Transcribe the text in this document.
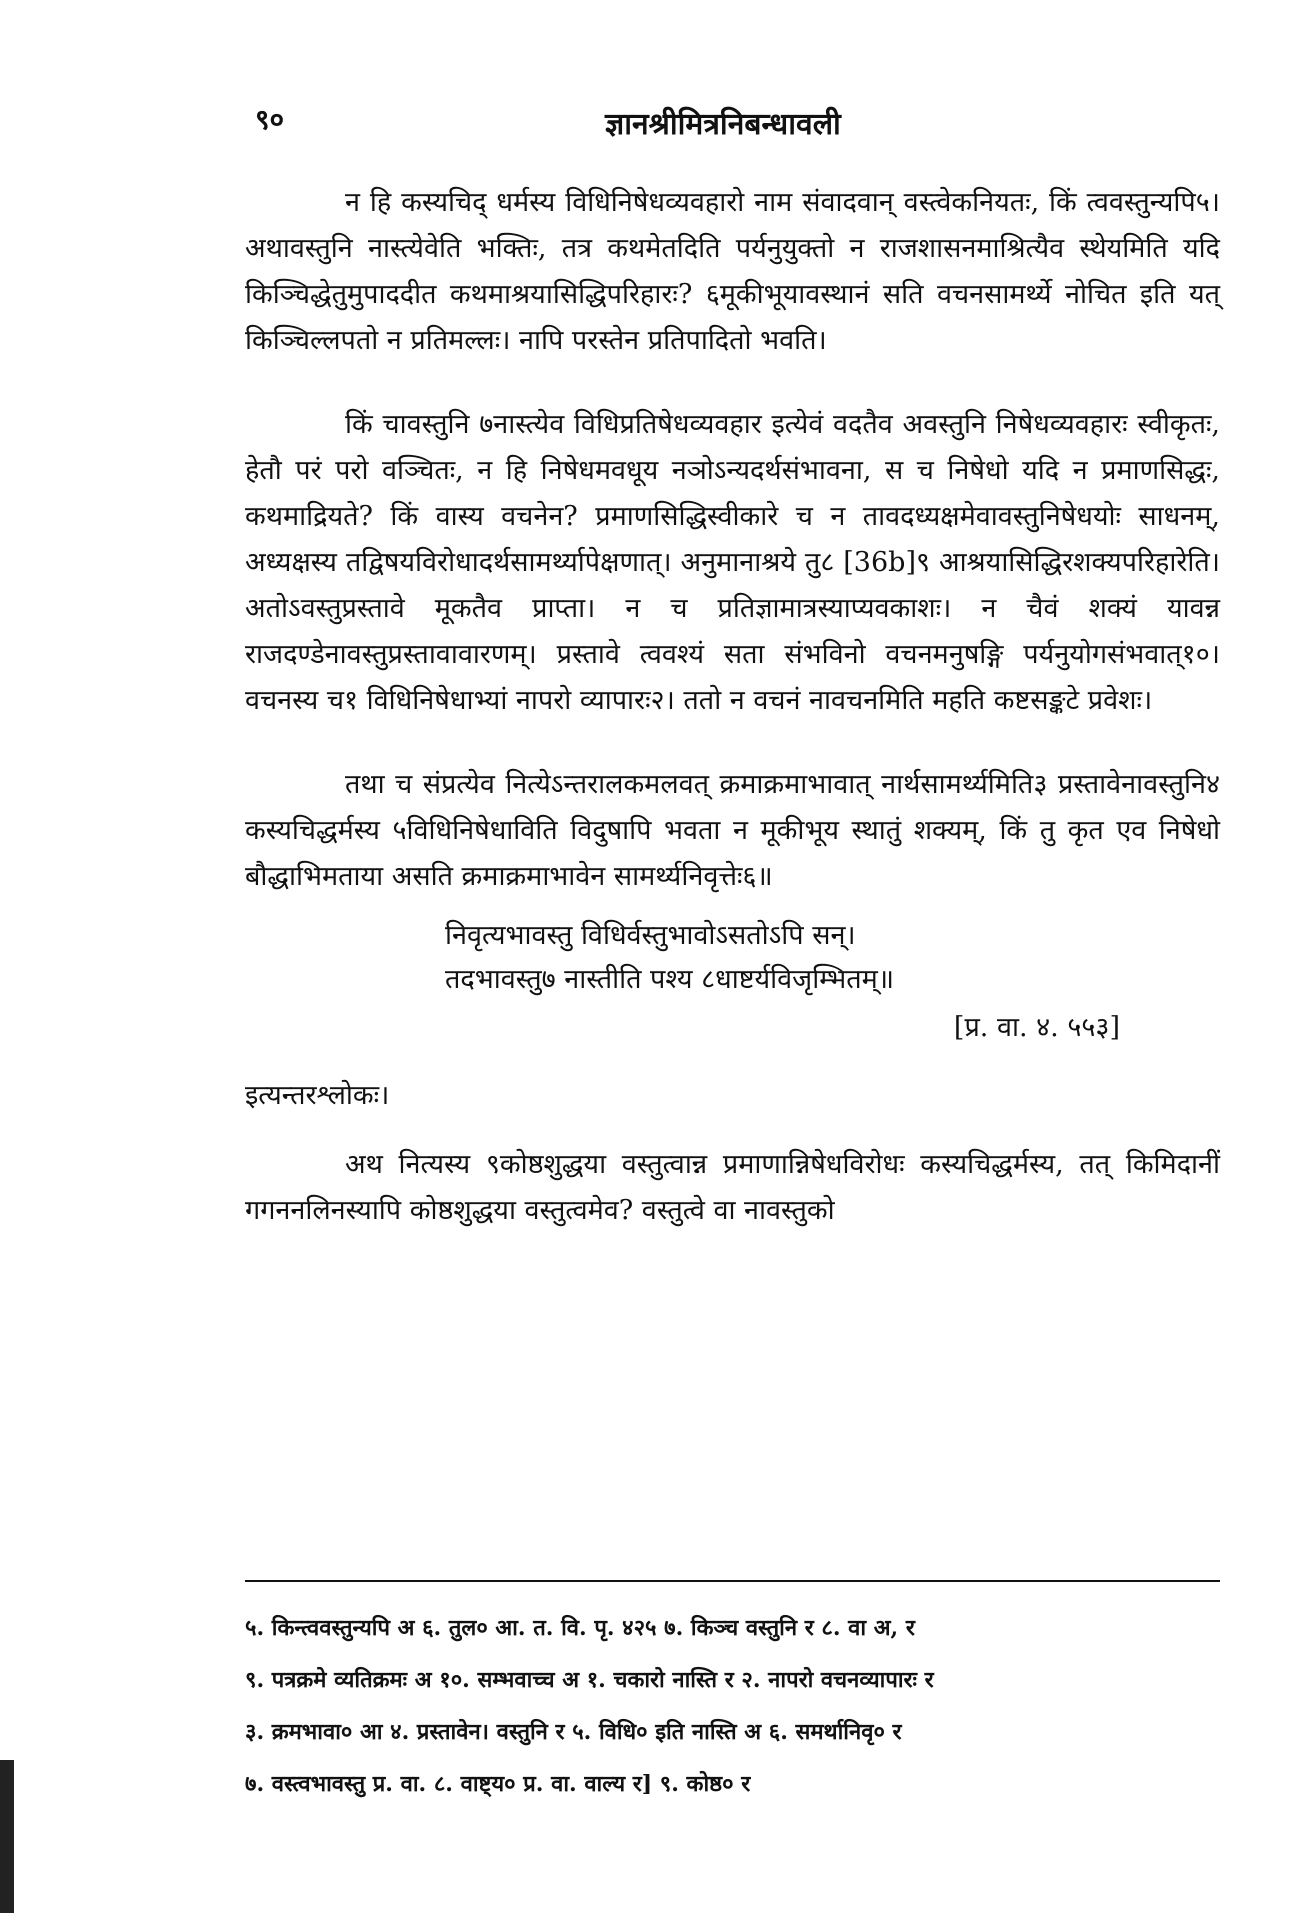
९०	ज्ञानश्रीमित्रनिबन्धावली

न हि कस्यचिद् धर्मस्य विधिनिषेधव्यवहारो नाम संवादवान् वस्त्वेकनियतः, किं त्ववस्तुन्यपि५। अथावस्तुनि नास्त्येवेति भक्तिः, तत्र कथमेतदिति पर्यनुयुक्तो न राजशासनमाश्रित्यैव स्थेयमिति यदि किञ्चिद्धेतुमुपाददीत कथमाश्रयासिद्धिपरिहारः? ६मूकीभूयावस्थानं सति वचनसामर्थ्ये नोचित इति यत् किञ्चिल्लपतो न प्रतिमल्लः। नापि परस्तेन प्रतिपादितो भवति।

किं चावस्तुनि ७नास्त्येव विधिप्रतिषेधव्यवहार इत्येवं वदतैव अवस्तुनि निषेधव्यवहारः स्वीकृतः, हेतौ परं परो वञ्चितः, न हि निषेधमवधूय नञोऽन्यदर्थसंभावना, स च निषेधो यदि न प्रमाणसिद्धः, कथमाद्रियते? किं वास्य वचनेन? प्रमाणसिद्धिस्वीकारे च न तावदध्यक्षमेवावस्तुनिषेधयोः साधनम्, अध्यक्षस्य तद्विषयविरोधादर्थसामर्थ्यापेक्षणात्। अनुमानाश्रये तु८ [36b]९ आश्रयासिद्धिरशक्यपरिहारेति। अतोऽवस्तुप्रस्तावे मूकतैव प्राप्ता। न च प्रतिज्ञामात्रस्याप्यवकाशः। न चैवं शक्यं यावन्न राजदण्डेनावस्तुप्रस्तावावारणम्। प्रस्तावे त्ववश्यं सता संभविनो वचनमनुषङ्गि पर्यनुयोगसंभवात्१०। वचनस्य च१ विधिनिषेधाभ्यां नापरो व्यापारः२। ततो न वचनं नावचनमिति महति कष्टसङ्कटे प्रवेशः।

तथा च संप्रत्येव नित्येऽन्तरालकमलवत् क्रमाक्रमाभावात् नार्थसामर्थ्यमिति३ प्रस्तावेनावस्तुनि४ कस्यचिद्धर्मस्य ५विधिनिषेधाविति विदुषापि भवता न मूकीभूय स्थातुं शक्यम्, किं तु कृत एव निषेधो बौद्धाभिमताया असति क्रमाक्रमाभावेन सामर्थ्यनिवृत्तेः६॥

निवृत्यभावस्तु विधिर्वस्तुभावोऽसतोऽपि सन्।
तदभावस्तु७ नास्तीति पश्य ८धाष्टर्यविजृम्भितम्॥
[प्र. वा. ४. ५५३]
इत्यन्तरश्लोकः।

अथ नित्यस्य ९कोष्ठशुद्धया वस्तुत्वान्न प्रमाणान्निषेधविरोधः कस्यचिद्धर्मस्य, तत् किमिदानीं गगननलिनस्यापि कोष्ठशुद्धया वस्तुत्वमेव? वस्तुत्वे वा नावस्तुको

५. किन्त्ववस्तुन्यपि अ ६. तुल० आ. त. वि. पृ. ४२५ ७. किञ्च वस्तुनि र ८. वा अ, र
९. पत्रक्रमे व्यतिक्रमः अ १०. सम्भवाच्च अ १. चकारो नास्ति र २. नापरो वचनव्यापारः र
३. क्रमभावा० आ ४. प्रस्तावेन। वस्तुनि र ५. विधि० इति नास्ति अ ६. समर्थानिवृ० र
७. वस्त्वभावस्तु प्र. वा. ८. वाष्ट्य० प्र. वा. वाल्य र] ९. कोष्ठ० र
